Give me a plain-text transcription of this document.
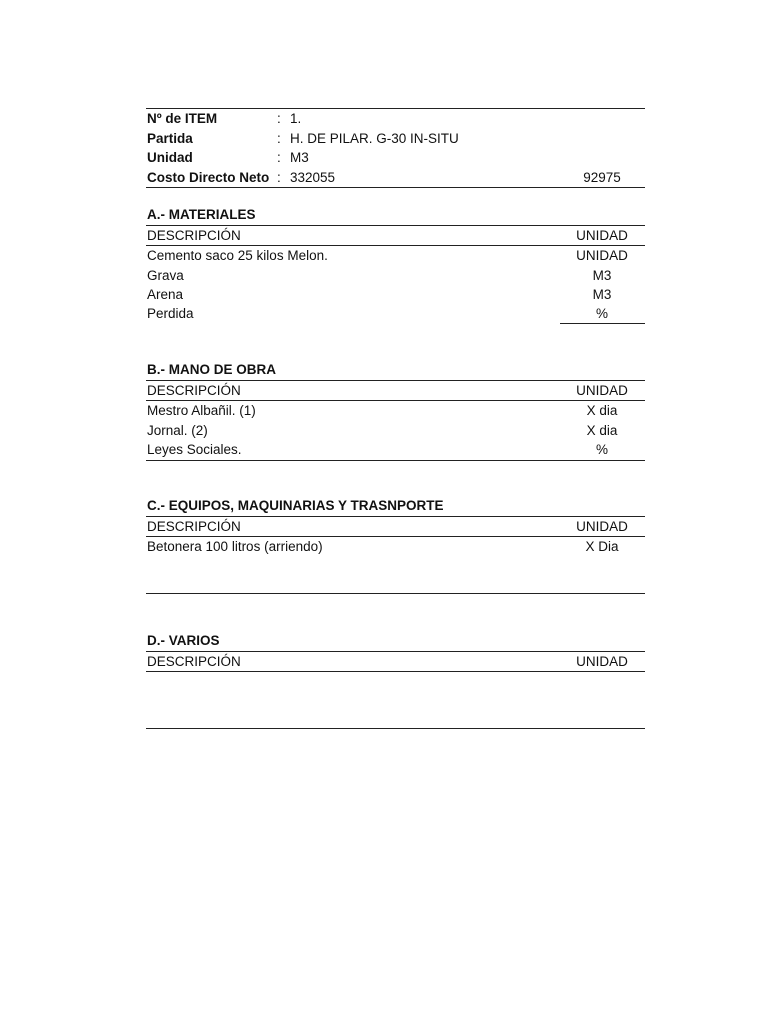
Nº de ITEM	: 1.
Partida	: H. DE PILAR. G-30 IN-SITU
Unidad	: M3
Costo Directo Neto : 332055	92975
A.- MATERIALES
DESCRIPCIÓN	UNIDAD
Cemento saco 25 kilos Melon.	UNIDAD
Grava	M3
Arena	M3
Perdida	%
B.- MANO DE OBRA
DESCRIPCIÓN	UNIDAD
Mestro Albañil. (1)	X dia
Jornal. (2)	X dia
Leyes Sociales.	%
C.- EQUIPOS, MAQUINARIAS Y TRASNPORTE
DESCRIPCIÓN	UNIDAD
Betonera 100 litros (arriendo)	X Dia
D.- VARIOS
DESCRIPCIÓN	UNIDAD
